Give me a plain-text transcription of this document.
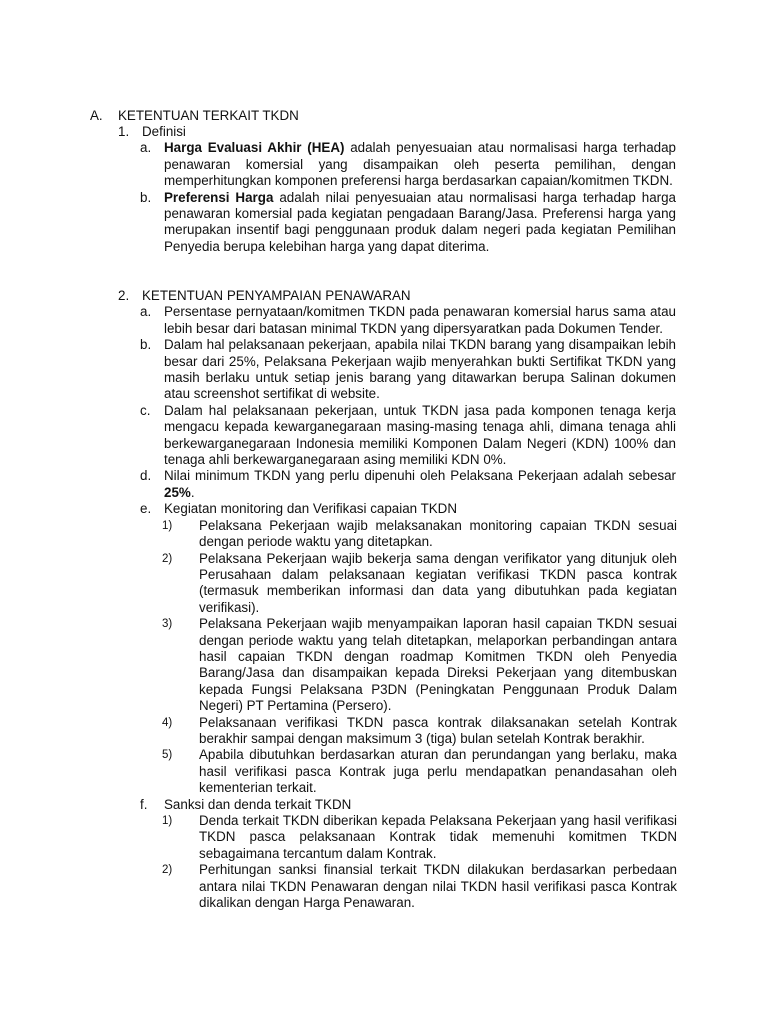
A. KETENTUAN TERKAIT TKDN
1. Definisi
a. Harga Evaluasi Akhir (HEA) adalah penyesuaian atau normalisasi harga terhadap penawaran komersial yang disampaikan oleh peserta pemilihan, dengan memperhitungkan komponen preferensi harga berdasarkan capaian/komitmen TKDN.
b. Preferensi Harga adalah nilai penyesuaian atau normalisasi harga terhadap harga penawaran komersial pada kegiatan pengadaan Barang/Jasa. Preferensi harga yang merupakan insentif bagi penggunaan produk dalam negeri pada kegiatan Pemilihan Penyedia berupa kelebihan harga yang dapat diterima.
2. KETENTUAN PENYAMPAIAN PENAWARAN
a. Persentase pernyataan/komitmen TKDN pada penawaran komersial harus sama atau lebih besar dari batasan minimal TKDN yang dipersyaratkan pada Dokumen Tender.
b. Dalam hal pelaksanaan pekerjaan, apabila nilai TKDN barang yang disampaikan lebih besar dari 25%, Pelaksana Pekerjaan wajib menyerahkan bukti Sertifikat TKDN yang masih berlaku untuk setiap jenis barang yang ditawarkan berupa Salinan dokumen atau screenshot sertifikat di website.
c. Dalam hal pelaksanaan pekerjaan, untuk TKDN jasa pada komponen tenaga kerja mengacu kepada kewarganegaraan masing-masing tenaga ahli, dimana tenaga ahli berkewarganegaraan Indonesia memiliki Komponen Dalam Negeri (KDN) 100% dan tenaga ahli berkewarganegaraan asing memiliki KDN 0%.
d. Nilai minimum TKDN yang perlu dipenuhi oleh Pelaksana Pekerjaan adalah sebesar 25%.
e. Kegiatan monitoring dan Verifikasi capaian TKDN
1) Pelaksana Pekerjaan wajib melaksanakan monitoring capaian TKDN sesuai dengan periode waktu yang ditetapkan.
2) Pelaksana Pekerjaan wajib bekerja sama dengan verifikator yang ditunjuk oleh Perusahaan dalam pelaksanaan kegiatan verifikasi TKDN pasca kontrak (termasuk memberikan informasi dan data yang dibutuhkan pada kegiatan verifikasi).
3) Pelaksana Pekerjaan wajib menyampaikan laporan hasil capaian TKDN sesuai dengan periode waktu yang telah ditetapkan, melaporkan perbandingan antara hasil capaian TKDN dengan roadmap Komitmen TKDN oleh Penyedia Barang/Jasa dan disampaikan kepada Direksi Pekerjaan yang ditembuskan kepada Fungsi Pelaksana P3DN (Peningkatan Penggunaan Produk Dalam Negeri) PT Pertamina (Persero).
4) Pelaksanaan verifikasi TKDN pasca kontrak dilaksanakan setelah Kontrak berakhir sampai dengan maksimum 3 (tiga) bulan setelah Kontrak berakhir.
5) Apabila dibutuhkan berdasarkan aturan dan perundangan yang berlaku, maka hasil verifikasi pasca Kontrak juga perlu mendapatkan penandasahan oleh kementerian terkait.
f. Sanksi dan denda terkait TKDN
1) Denda terkait TKDN diberikan kepada Pelaksana Pekerjaan yang hasil verifikasi TKDN pasca pelaksanaan Kontrak tidak memenuhi komitmen TKDN sebagaimana tercantum dalam Kontrak.
2) Perhitungan sanksi finansial terkait TKDN dilakukan berdasarkan perbedaan antara nilai TKDN Penawaran dengan nilai TKDN hasil verifikasi pasca Kontrak dikalikan dengan Harga Penawaran.
